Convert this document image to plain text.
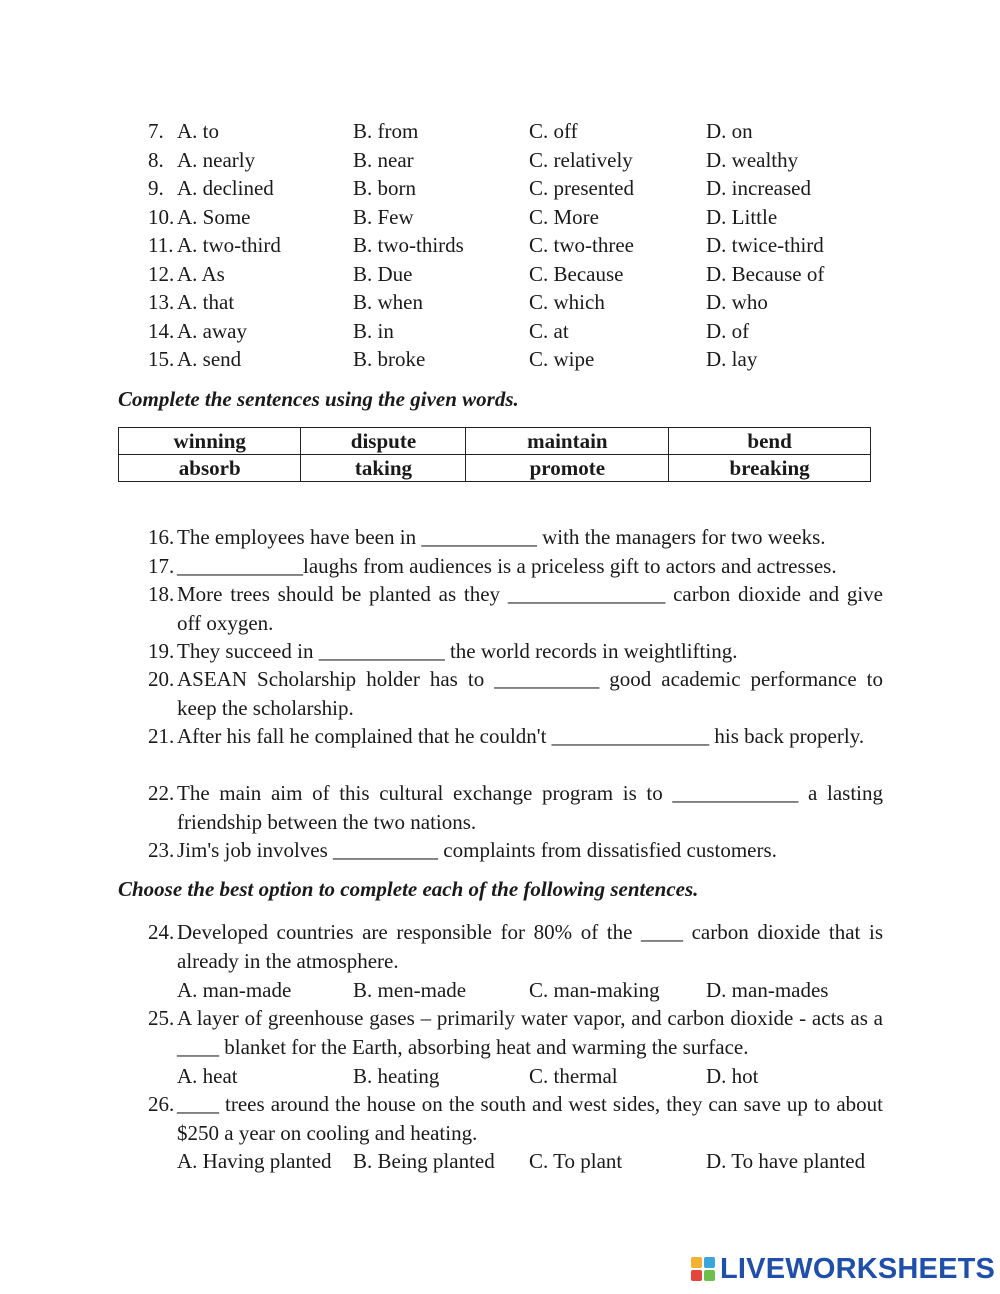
7. A. to	B. from	C. off	D. on
8. A. nearly	B. near	C. relatively	D. wealthy
9. A. declined	B. born	C. presented	D. increased
10. A. Some	B. Few	C. More	D. Little
11. A. two-third	B. two-thirds	C. two-three	D. twice-third
12. A. As	B. Due	C. Because	D. Because of
13. A. that	B. when	C. which	D. who
14. A. away	B. in	C. at	D. of
15. A. send	B. broke	C. wipe	D. lay
Complete the sentences using the given words.
winning	dispute	maintain	bend
absorb	taking	promote	breaking
16. The employees have been in ___________ with the managers for two weeks.
17. ____________laughs from audiences is a priceless gift to actors and actresses.
18. More trees should be planted as they _______________ carbon dioxide and give off oxygen.
19. They succeed in ____________ the world records in weightlifting.
20. ASEAN Scholarship holder has to __________ good academic performance to keep the scholarship.
21. After his fall he complained that he couldn't _______________ his back properly.
22. The main aim of this cultural exchange program is to ____________ a lasting friendship between the two nations.
23. Jim's job involves __________ complaints from dissatisfied customers.
Choose the best option to complete each of the following sentences.
24. Developed countries are responsible for 80% of the ____ carbon dioxide that is already in the atmosphere.
A. man-made	B. men-made	C. man-making D. man-mades
25. A layer of greenhouse gases – primarily water vapor, and carbon dioxide - acts as a ____ blanket for the Earth, absorbing heat and warming the surface.
A. heat	B. heating	C. thermal	D. hot
26. ____ trees around the house on the south and west sides, they can save up to about $250 a year on cooling and heating.
A. Having planted B. Being planted C. To plant	D. To have planted
LIVEWORKSHEETS
